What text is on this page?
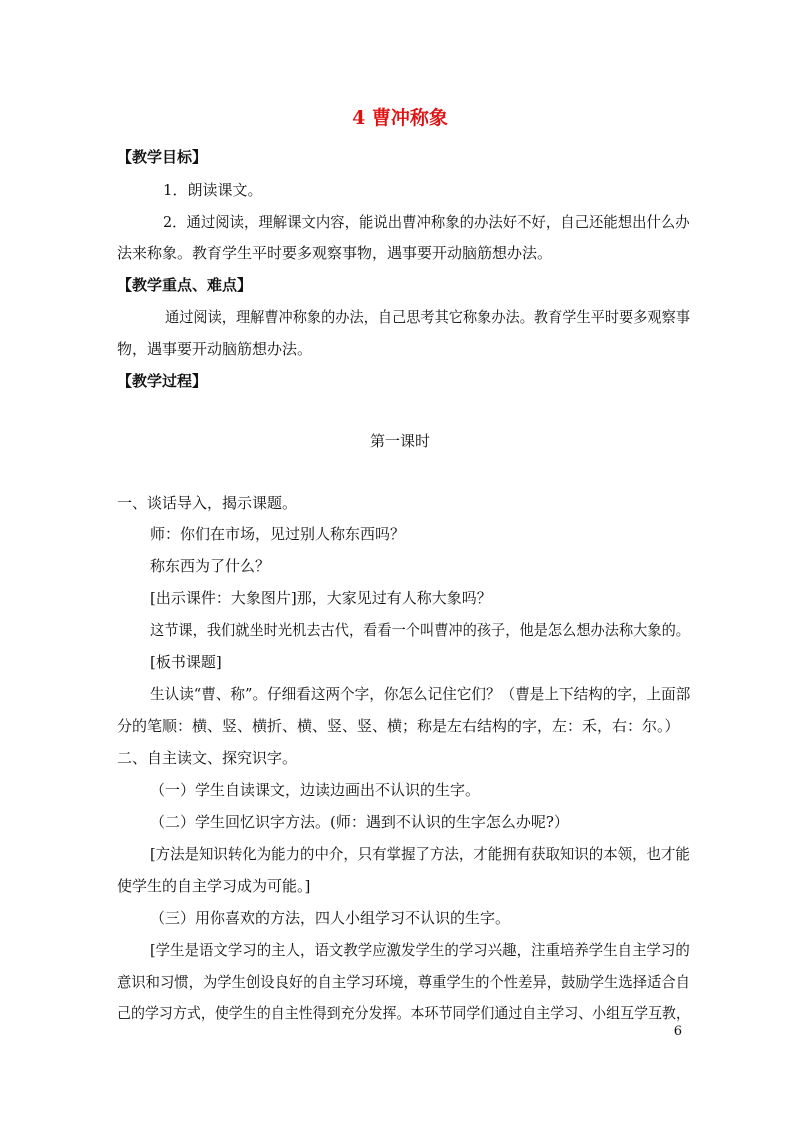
4 曹冲称象
【教学目标】
1．朗读课文。
2．通过阅读，理解课文内容，能说出曹冲称象的办法好不好，自己还能想出什么办
法来称象。教育学生平时要多观察事物，遇事要开动脑筋想办法。
【教学重点、难点】
通过阅读，理解曹冲称象的办法，自己思考其它称象办法。教育学生平时要多观察事
物，遇事要开动脑筋想办法。
【教学过程】
第一课时
一、谈话导入，揭示课题。
师：你们在市场，见过别人称东西吗？
称东西为了什么？
[出示课件：大象图片]那，大家见过有人称大象吗？
这节课，我们就坐时光机去古代，看看一个叫曹冲的孩子，他是怎么想办法称大象的。
[板书课题]
生认读“曹、称”。仔细看这两个字，你怎么记住它们？（曹是上下结构的字，上面部
分的笔顺：横、竖、横折、横、竖、竖、横；称是左右结构的字，左：禾，右：尔。）
二、自主读文、探究识字。
（一）学生自读课文，边读边画出不认识的生字。
（二）学生回忆识字方法。(师：遇到不认识的生字怎么办呢?）
[方法是知识转化为能力的中介，只有掌握了方法，才能拥有获取知识的本领，也才能
使学生的自主学习成为可能。]
（三）用你喜欢的方法，四人小组学习不认识的生字。
[学生是语文学习的主人，语文教学应激发学生的学习兴趣，注重培养学生自主学习的
意识和习惯，为学生创设良好的自主学习环境，尊重学生的个性差异，鼓励学生选择适合自
己的学习方式，使学生的自主性得到充分发挥。本环节同学们通过自主学习、小组互学互教，
6
